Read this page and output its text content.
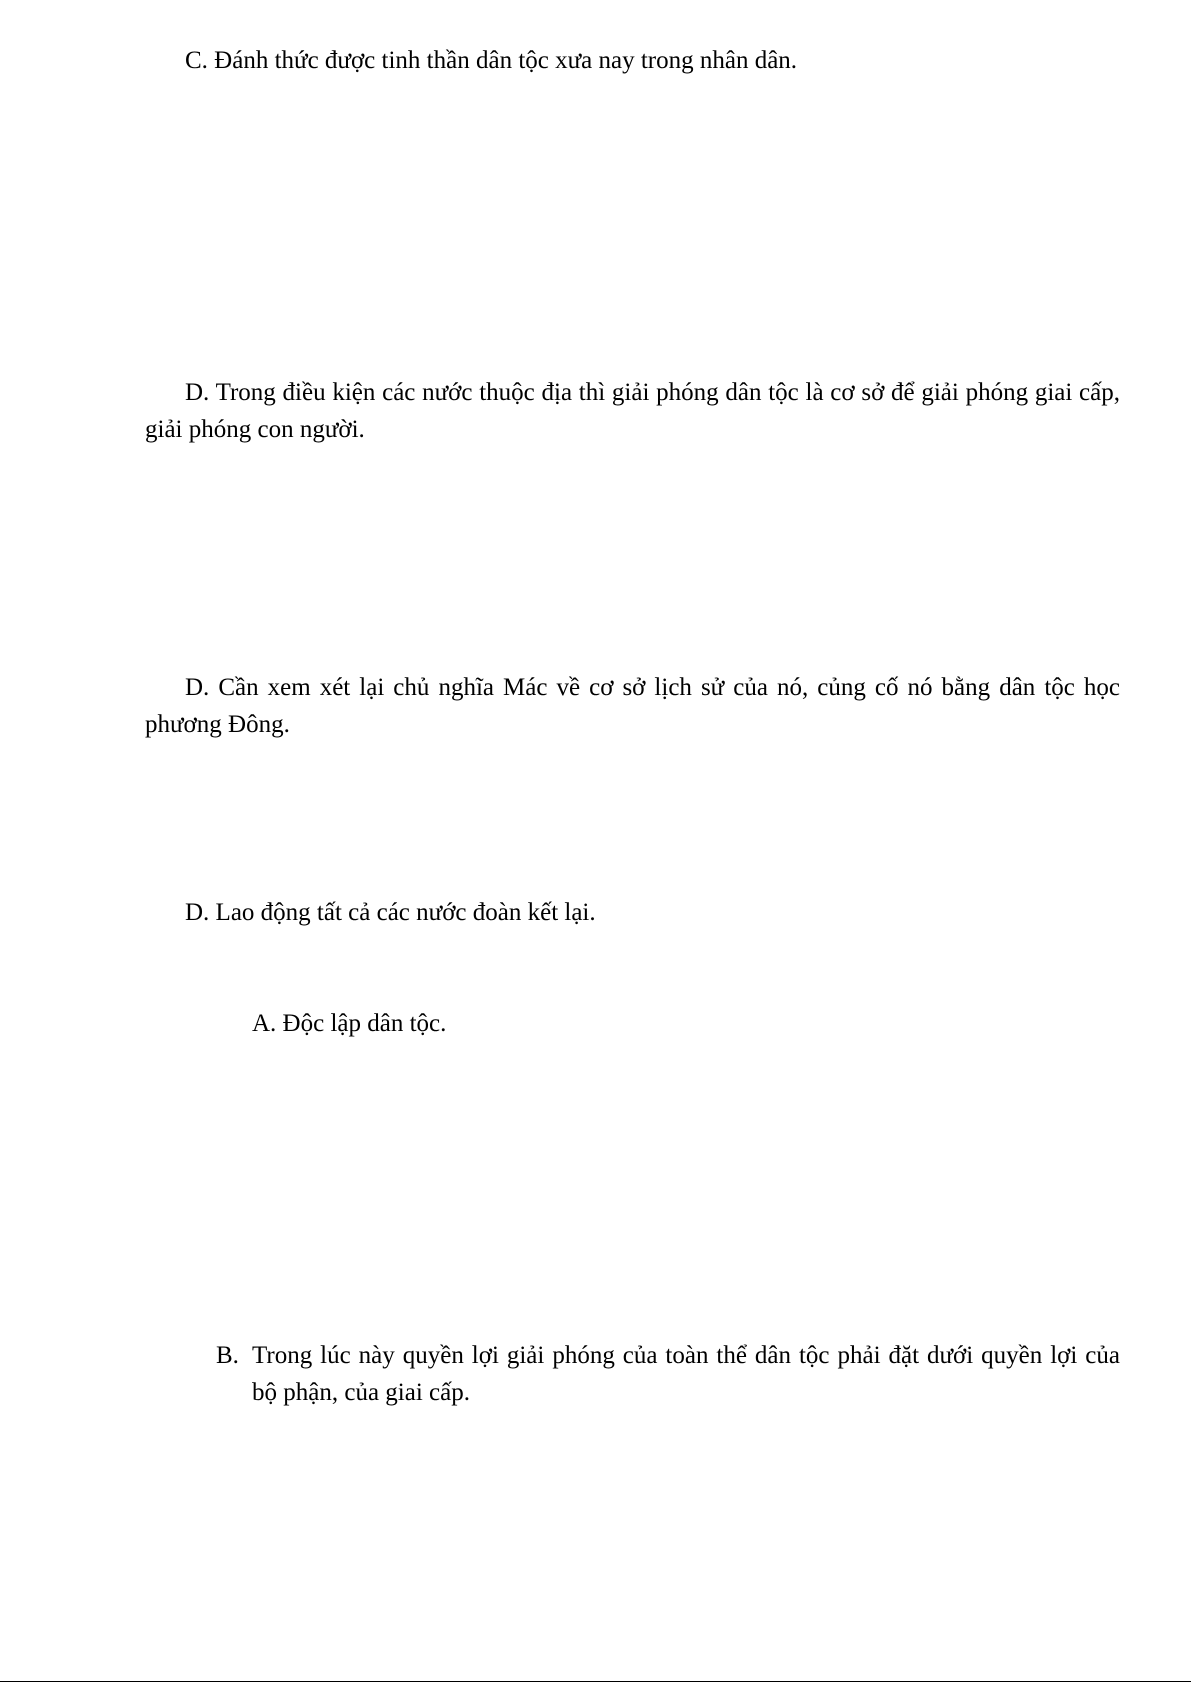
C. Đánh thức được tinh thần dân tộc xưa nay trong nhân dân.
D. Trong điều kiện các nước thuộc địa thì giải phóng dân tộc là cơ sở để giải phóng giai cấp, giải phóng con người.
D. Cần xem xét lại chủ nghĩa Mác về cơ sở lịch sử của nó, củng cố nó bằng dân tộc học phương Đông.
D. Lao động tất cả các nước đoàn kết lại.
A. Độc lập dân tộc.
B. Trong lúc này quyền lợi giải phóng của toàn thể dân tộc phải đặt dưới quyền lợi của bộ phận, của giai cấp.
